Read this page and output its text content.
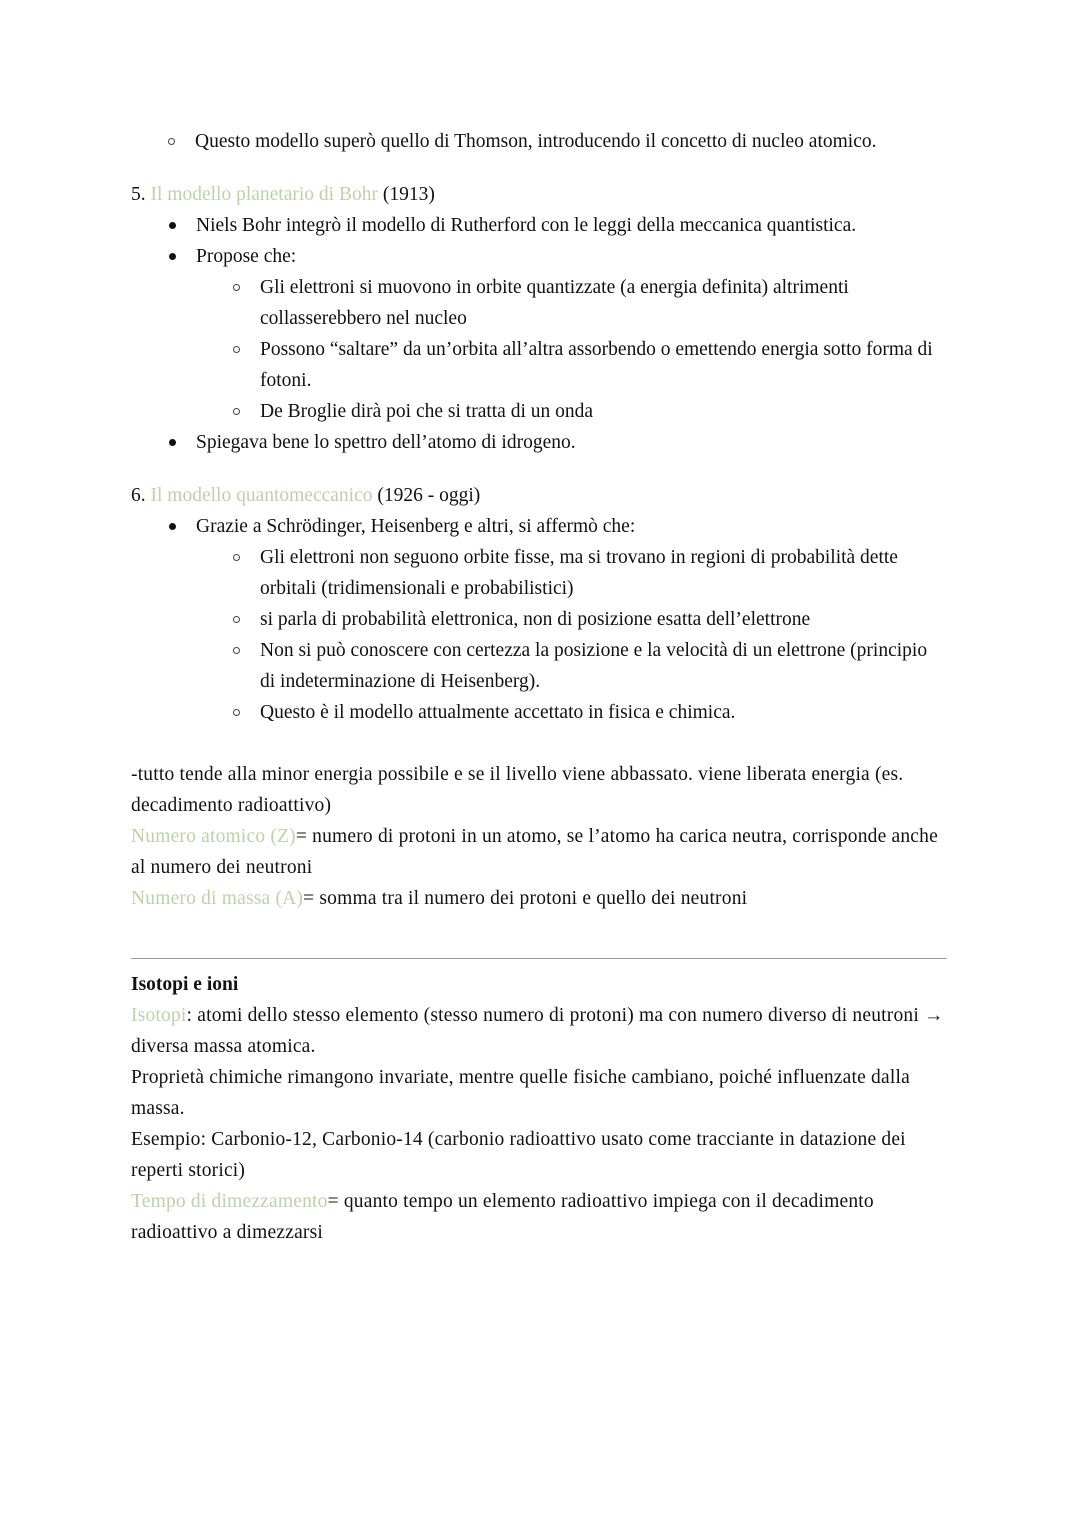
Questo modello superò quello di Thomson, introducendo il concetto di nucleo atomico.
5. Il modello planetario di Bohr (1913)
Niels Bohr integrò il modello di Rutherford con le leggi della meccanica quantistica.
Propose che:
Gli elettroni si muovono in orbite quantizzate (a energia definita) altrimenti collasserebbero nel nucleo
Possono “saltare” da un’orbita all’altra assorbendo o emettendo energia sotto forma di fotoni.
De Broglie dirà poi che si tratta di un onda
Spiegava bene lo spettro dell’atomo di idrogeno.
6. Il modello quantomeccanico (1926 - oggi)
Grazie a Schrödinger, Heisenberg e altri, si affermò che:
Gli elettroni non seguono orbite fisse, ma si trovano in regioni di probabilità dette orbitali (tridimensionali e probabilistici)
si parla di probabilità elettronica, non di posizione esatta dell’elettrone
Non si può conoscere con certezza la posizione e la velocità di un elettrone (principio di indeterminazione di Heisenberg).
Questo è il modello attualmente accettato in fisica e chimica.
-tutto tende alla minor energia possibile e se il livello viene abbassato. viene liberata energia (es. decadimento radioattivo)
Numero atomico (Z)= numero di protoni in un atomo, se l’atomo ha carica neutra, corrisponde anche al numero dei neutroni
Numero di massa (A)= somma tra il numero dei protoni e quello dei neutroni
Isotopi e ioni
Isotopi: atomi dello stesso elemento (stesso numero di protoni) ma con numero diverso di neutroni → diversa massa atomica.
Proprietà chimiche rimangono invariate, mentre quelle fisiche cambiano, poiché influenzate dalla massa.
Esempio: Carbonio-12, Carbonio-14 (carbonio radioattivo usato come tracciante in datazione dei reperti storici)
Tempo di dimezzamento= quanto tempo un elemento radioattivo impiega con il decadimento radioattivo a dimezzarsi
